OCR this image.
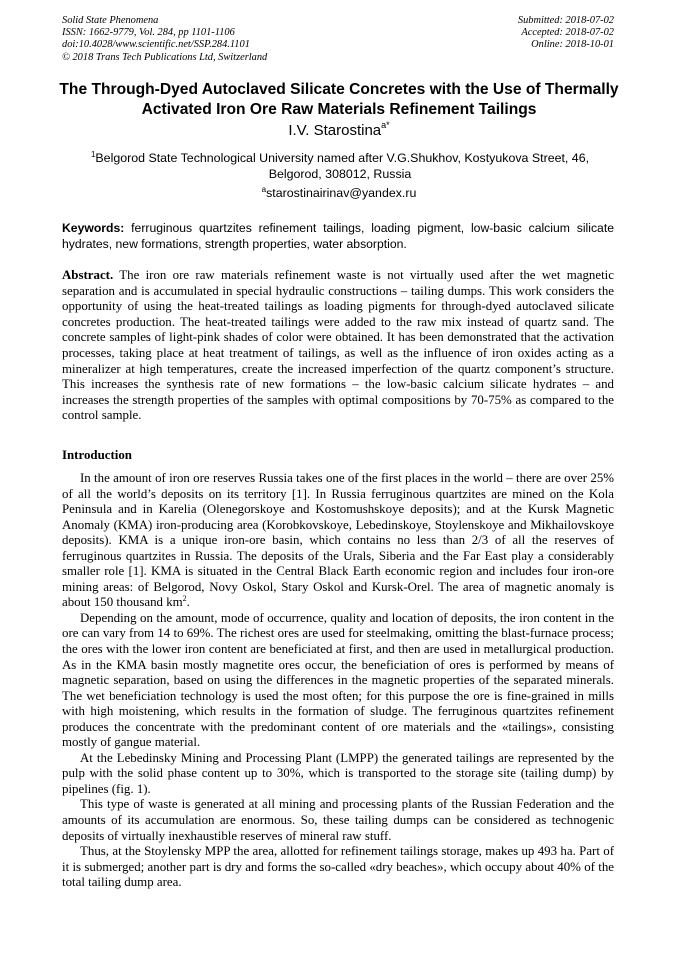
Solid State Phenomena
ISSN: 1662-9779, Vol. 284, pp 1101-1106
doi:10.4028/www.scientific.net/SSP.284.1101
© 2018 Trans Tech Publications Ltd, Switzerland
Submitted: 2018-07-02
Accepted: 2018-07-02
Online: 2018-10-01
The Through-Dyed Autoclaved Silicate Concretes with the Use of Thermally Activated Iron Ore Raw Materials Refinement Tailings
I.V. Starostina$^{a*}$
$^1$Belgorod State Technological University named after V.G.Shukhov, Kostyukova Street, 46, Belgorod, 308012, Russia
$^a$starostinairinav@yandex.ru
Keywords: ferruginous quartzites refinement tailings, loading pigment, low-basic calcium silicate hydrates, new formations, strength properties, water absorption.
Abstract. The iron ore raw materials refinement waste is not virtually used after the wet magnetic separation and is accumulated in special hydraulic constructions – tailing dumps. This work considers the opportunity of using the heat-treated tailings as loading pigments for through-dyed autoclaved silicate concretes production. The heat-treated tailings were added to the raw mix instead of quartz sand. The concrete samples of light-pink shades of color were obtained. It has been demonstrated that the activation processes, taking place at heat treatment of tailings, as well as the influence of iron oxides acting as a mineralizer at high temperatures, create the increased imperfection of the quartz component’s structure. This increases the synthesis rate of new formations – the low-basic calcium silicate hydrates – and increases the strength properties of the samples with optimal compositions by 70-75% as compared to the control sample.
Introduction

In the amount of iron ore reserves Russia takes one of the first places in the world – there are over 25% of all the world’s deposits on its territory [1]. In Russia ferruginous quartzites are mined on the Kola Peninsula and in Karelia (Olenegorskoye and Kostomushskoye deposits); and at the Kursk Magnetic Anomaly (KMA) iron-producing area (Korobkovskoye, Lebedinskoye, Stoylenskoye and Mikhailovskoye deposits). KMA is a unique iron-ore basin, which contains no less than 2/3 of all the reserves of ferruginous quartzites in Russia. The deposits of the Urals, Siberia and the Far East play a considerably smaller role [1]. KMA is situated in the Central Black Earth economic region and includes four iron-ore mining areas: of Belgorod, Novy Oskol, Stary Oskol and Kursk-Orel. The area of magnetic anomaly is about 150 thousand $km^2$.

Depending on the amount, mode of occurrence, quality and location of deposits, the iron content in the ore can vary from 14 to 69%. The richest ores are used for steelmaking, omitting the blast-furnace process; the ores with the lower iron content are beneficiated at first, and then are used in metallurgical production. As in the KMA basin mostly magnetite ores occur, the beneficiation of ores is performed by means of magnetic separation, based on using the differences in the magnetic properties of the separated minerals. The wet beneficiation technology is used the most often; for this purpose the ore is fine-grained in mills with high moistening, which results in the formation of sludge. The ferruginous quartzites refinement produces the concentrate with the predominant content of ore materials and the «tailings», consisting mostly of gangue material.

At the Lebedinsky Mining and Processing Plant (LMPP) the generated tailings are represented by the pulp with the solid phase content up to 30%, which is transported to the storage site (tailing dump) by pipelines (fig. 1).

This type of waste is generated at all mining and processing plants of the Russian Federation and the amounts of its accumulation are enormous. So, these tailing dumps can be considered as technogenic deposits of virtually inexhaustible reserves of mineral raw stuff.

Thus, at the Stoylensky MPP the area, allotted for refinement tailings storage, makes up 493 ha. Part of it is submerged; another part is dry and forms the so-called «dry beaches», which occupy about 40% of the total tailing dump area.
